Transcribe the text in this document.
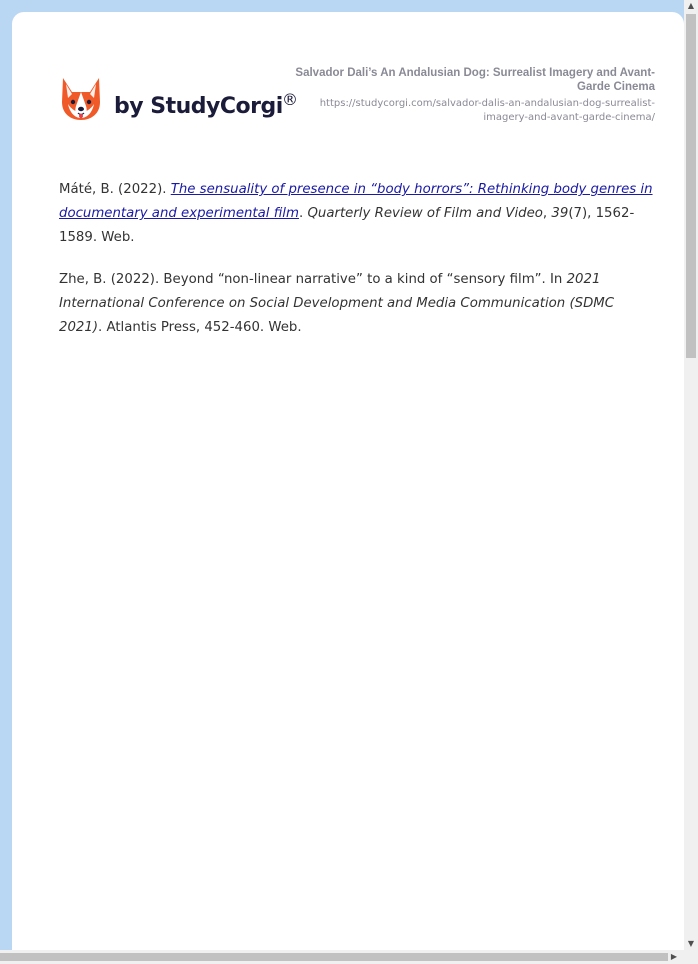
by StudyCorgi ®
Salvador Dali’s An Andalusian Dog: Surrealist Imagery and Avant-Garde Cinema
https://studycorgi.com/salvador-dalis-an-andalusian-dog-surrealist-imagery-and-avant-garde-cinema/

Máté, B. (2022). The sensuality of presence in “body horrors”: Rethinking body genres in documentary and experimental film. Quarterly Review of Film and Video, 39(7), 1562-1589. Web.

Zhe, B. (2022). Beyond “non-linear narrative” to a kind of “sensory film”. In 2021 International Conference on Social Development and Media Communication (SDMC 2021). Atlantis Press, 452-460. Web.

▲
▼
▶
